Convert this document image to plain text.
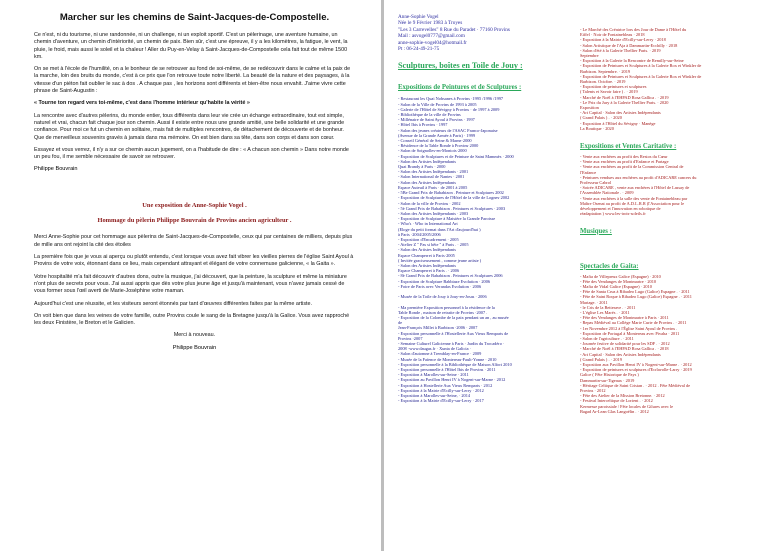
Marcher sur les chemins de Saint-Jacques-de-Compostelle.

Ce n'est, ni du tourisme, ni une randonnée, ni un challenge, ni un exploit sportif. C'est un pèlerinage, une aventure humaine, un chemin d'aventure, un chemin d'intériorité, un chemin de paix. Bien sûr, c'est une épreuve, il y a les kilomètres, la fatigue, le vent, la pluie, le froid, mais aussi le soleil et la chaleur ! Aller du Puy-en-Velay à Saint-Jacques-de-Compostelle cela fait tout de même 1500 km.

On se met à l'école de l'humilité, on a le bonheur de se retrouver au fond de soi-même, de se redécouvrir dans le calme et la paix de la marche, loin des bruits du monde, c'est à ce prix que l'on retrouve toute notre liberté. La beauté de la nature et des paysages, à la vitesse d'un piéton fait oublier le sac à dos . A chaque pas , les horizons sont différents et bien-être nous envahit. J'aime vivre cette phrase de Saint-Augustin :

« Tourne ton regard vers toi-même, c'est dans l'homme intérieur qu'habite la vérité »

La rencontre avec d'autres pèlerins, du monde entier, tous différents dans leur vie crée un échange extraordinaire, tout est simple, naturel et vrai, chacun fait chaque jour son chemin. Aussi il existe entre nous une grande amitié, une belle solidarité et une grande confiance. Pour moi ce fut un chemin en solitaire, mais fait de multiples rencontres, de détachement de découverte et de bonheur. Que de merveilleux souvenirs gravés à jamais dans ma mémoire. On est bien dans sa tête, dans son corps et dans son cœur.

Essayez et vous verrez, il n'y a sur ce chemin aucun jugement, on a l'habitude de dire : « A chacun son chemin » Dans notre monde un peu fou, il me semble nécessaire de savoir se retrouver.

Philippe Bouvrain

Une exposition de Anne-Sophie Vogel .

Hommage du pèlerin Philippe Bouvrain de Provins ancien agriculteur .

Merci Anne-Sophie pour cet hommage aux pèlerins de Saint-Jacques-de-Compostelle, ceux qui par centaines de milliers, depuis plus de mille ans ont rejoint la cité des étoiles

La première fois que je vous ai aperçu ou plutôt entendu, c'est lorsque vous avez fait vibrer les vieilles pierres de l'église Saint Ayoul à Provins de votre voix, étonnant dans ce lieu, mais cependant attrayant et élégant de votre connemuse galicienne, « la Gaita ».

Votre hospitalité m'a fait découvrir d'autres dons, outre la musique, j'ai découvert, que la peinture, la sculpture et même la miniature n'ont plus de secrets pour vous. J'ai aussi appris que dès votre plus jeune âge et jusqu'à maintenant, vous n'avez jamais cessé de vous former sous l'œil averti de Marie-Joséphine votre maman.

Aujourd'hui c'est une réussite, et les visiteurs seront étonnés par tant d'œuvres différentes faites par la même artiste.

On voit bien que dans les veines de votre famille, outre Provins coule le sang de la Bretagne jusqu'à la Galice. Vous avez rapproché les deux Finistère, le Breton et le Galicien.

Merci à nouveau.

Philippe Bouvrain

Anne-Sophie Vogel
Née le 9 Février 1983 à Troyes
"Les 3 Carrevelles" 8 Rue du Paradet · 77160 Provins
Mail : asvogel0777@gmail.com
anne-sophie-vogel04@hotmail.fr
Pt : 06-24-49-21-75

Sculptures, boîtes en Toile de Jouy :

Expositions de Peintures et de Sculptures :

- Restaurant les Quai Nobsanes à Provins ·1995 /1996 /1997
- Salon de la Ville de Provins de 1993 à 2005
- Galerie de l'Hôtel de Sévigny à Provins · de 1997 à 2009
- Bibliothèque de la ville de Provins
- Millénaire de Saint Ayoul à Provins · 1997
- Hôtel Ibis à Provins · 1997
- Salon des jeunes créateurs de l'ASAC Franco-Japonaise
(Avenue de la Grande Armée à Paris) · 1999
- Conseil Général de Seine & Marne·2000
- Résidence de la Table Ronde à Provins·2000
- Salon de Soignolles-en-Montois·2000
- Exposition de Sculptures et de Peinture de Saint Mammès · 2000
- Salon des Artistes Indépendants
Quai Brandy à Paris · 2000
- Salon des Artistes Indépendants · 2001
- Salon International de Nantes · 2001
- Salon des Artistes Indépendants
Espace Auteuil à Paris · de 2001 à 2005
- 5Be Grand Prix de Bababizon . Peinture et Sculptures 2002
- Exposition de Sculptures de l'Hôtel de la ville de Lognes·2002
- Salon de la ville de Provins · 2002
- 5è Grand Prix de Bababizon . Peintures et Sculptures · 2003
- Salon des Artistes Indépendants · 2003
- Exposition de Sculpture à Maisière la Grande Paroisse
- Who's · Who in International Art
(Eloge du petit format dans l'Art d'aujourd'hui )
à Paris ·2004/2005/2006
- Exposition d'Encadrement · 2005
- Atelier Z " Pas si bête " à Paris . · 2005
- Salon des Artistes Indépendants
Espace Champerret à Paris·2005
( Invitée graciseusement , comme jeune artiste )
- Salon des Artistes Indépendants
Espace Champerret à Paris . · 2006
- 8è Grand Prix de Bababizon . Peintures et Sculptures 2006
- Exposition de Sculpture Babbiaze Evolution · 2006
- Foire de Paris avec Verandas Evolution · 2006

- Musée de la Toile de Jouy à Jouy-en-Josas · 2006

- Ma première Exposition personnel à la résidence de la
Table Ronde , maison de retraite de Provins ·2007 .
- Exposition de la Colombe de la paix pendant un an , au musée
de
Jean-François Millet à Barbizon ·2006 · 2007
- Exposition personnelle à l'Hostellerie Aux Vieux Remparts de
Provins ·2007
- Semaine Culturel Galicienne à Paris · Jardin du Trocadéro ·
2008 ·www.daugas.fr · Xunta de Galicia ·
- Salon d'automne à Tremblay-en-France · 2009
- Musée de la Faïence de Montereau-Fault-Yonne · 2010
- Exposition personnelle à la Bibliothèque de Maison Alfort 2010
- Exposition personnelle à l'Hôtel Ibis de Provins · 2011
- Exposition à Marolles-sur-Seine · 2011
- Exposition au Pavillon Henri IV à Nogent-sur-Marne · 2012
- Exposition à Hostellerie Aux Vieux Remparts · 2012
- Exposition à la Mairie d'Ecilly-sur-Lerry · 2012
- Exposition à Marolles-sur-Seine, · 2014
- Exposition à la Mairie d'Ecilly-sur-Lerry · 2017
- Le Marché des Créatrice lors des Jour de Dame à l'Hôtel du
Eiffel · Noir de Fontainebleau · 2018
- Exposition à la Mairie d'Ecilly-sur-Lerry · 2018
- Salon Artistique de l'Aja à Dammartin-Ecchilly · 2018
- Salon d'été à la Galerie Thellier Paris. · 2019
Septembre
- Exposition à la Galerie la Rencontre de Remilly-sur-Seine
- Exposition de Peintures et Sculptures à la Galerie Rox et Winkler de
Barbizon. Septembre. · 2019
- Exposition de Peintures et Sculptures à la Galerie Rox et Winkler de
Barbizon. Octobre. · 2019
- Exposition de peintures et sculptures
( Talents et Savoir faire ) . · 2019
- Marché de Noël à l'EHPAD Rosa Gallica . · 2019
- Le Prix du Jury à la Galerie Thellier Paris. · 2020
Exposition
- Art Capital · Salon des Artistes Indépendants
( Grand Palais ) . · 2020
- Exposition à l'Hôtel du Sévigny · Manège
La Boutique · 2020

Expositions et Ventes Caritative :

- Vente aux enchères au profit des Restos du Cœur
- Vente aux enchères au profit d'Enfance et Partage
- Vente aux enchères au profit de la Commission Central de
l'Enfance
- Peintures vendues aux enchères au profit d'ADICARE cancers du
Professeur Cabrol
- Soirée ADICARE , vente aux enchères à l'Hôtel de Lassay de
l'Assemblée Nationale . · 2009
- Vente aux enchères à la salle des vente de Fontainebleau par
Maître Osenat au profit de A.D.L.R.R (l'Association pour le
développement et l'innovation en robotique de
réadaptation ) www.les-trois-soleils.fr

Musiques :

Spectacles de Gaita:

- Mafia de Villepreux Galice (Espagne) · 2010
- Fête des Vendanges de Montmartre · 2010
- Mafia de Vidal Galice (Espagne) · 2010
- Fête de Santa Cruz à Ribadeo Lugo (Galice) Espagne . · 2011
- Fête de Saint Roque à Ribadeo Lugo (Galice) Espagne . · 2011
Mariage. · 2011
- le Cris de la Betterave . · 2011
- L'église Les Marés . · 2011
- Fête des Vendanges de Montmartre à Paris · 2011
- Repas Médiéval au Collège Marie Curie de Provins . · 2011
- 1er Novembre 2012 à l'Église Saint Ayoul de Provins .
- Exposition de Portugal à Montereau avec Pivaha · 2011
- Salon de l'agriculture . · 2011
- Journée festive de solidarité pour les SDF . · 2012
- Marché de Noël à l'EHPAD Rosa Gallica . · 2018
- Art Capital · Salon des Artistes Indépendants
( Grand Palais ) . · 2019
- Exposition aux Pavillon Henri IV à Nogent-sur-Marne . · 2012
- Exposition de peintures et sculptures d'Ecrlavolle-Larry · 2019
Galice ( Fête Historique de Pays )
Dammartin-sur-Tigeaux · 2019
- Héritage Celtique de Saint Cristan . · 2012 . Fête Médiéval de
Provins · 2012
- Fête des Atelier de la Mission Bretonne. · 2012
- Festival Interceltique de Lorient . · 2012
Kermesse paroissiale / Fête locales de Gilures avec le
Bagad Ar-Lean Glas Langoëlin . · 2012
